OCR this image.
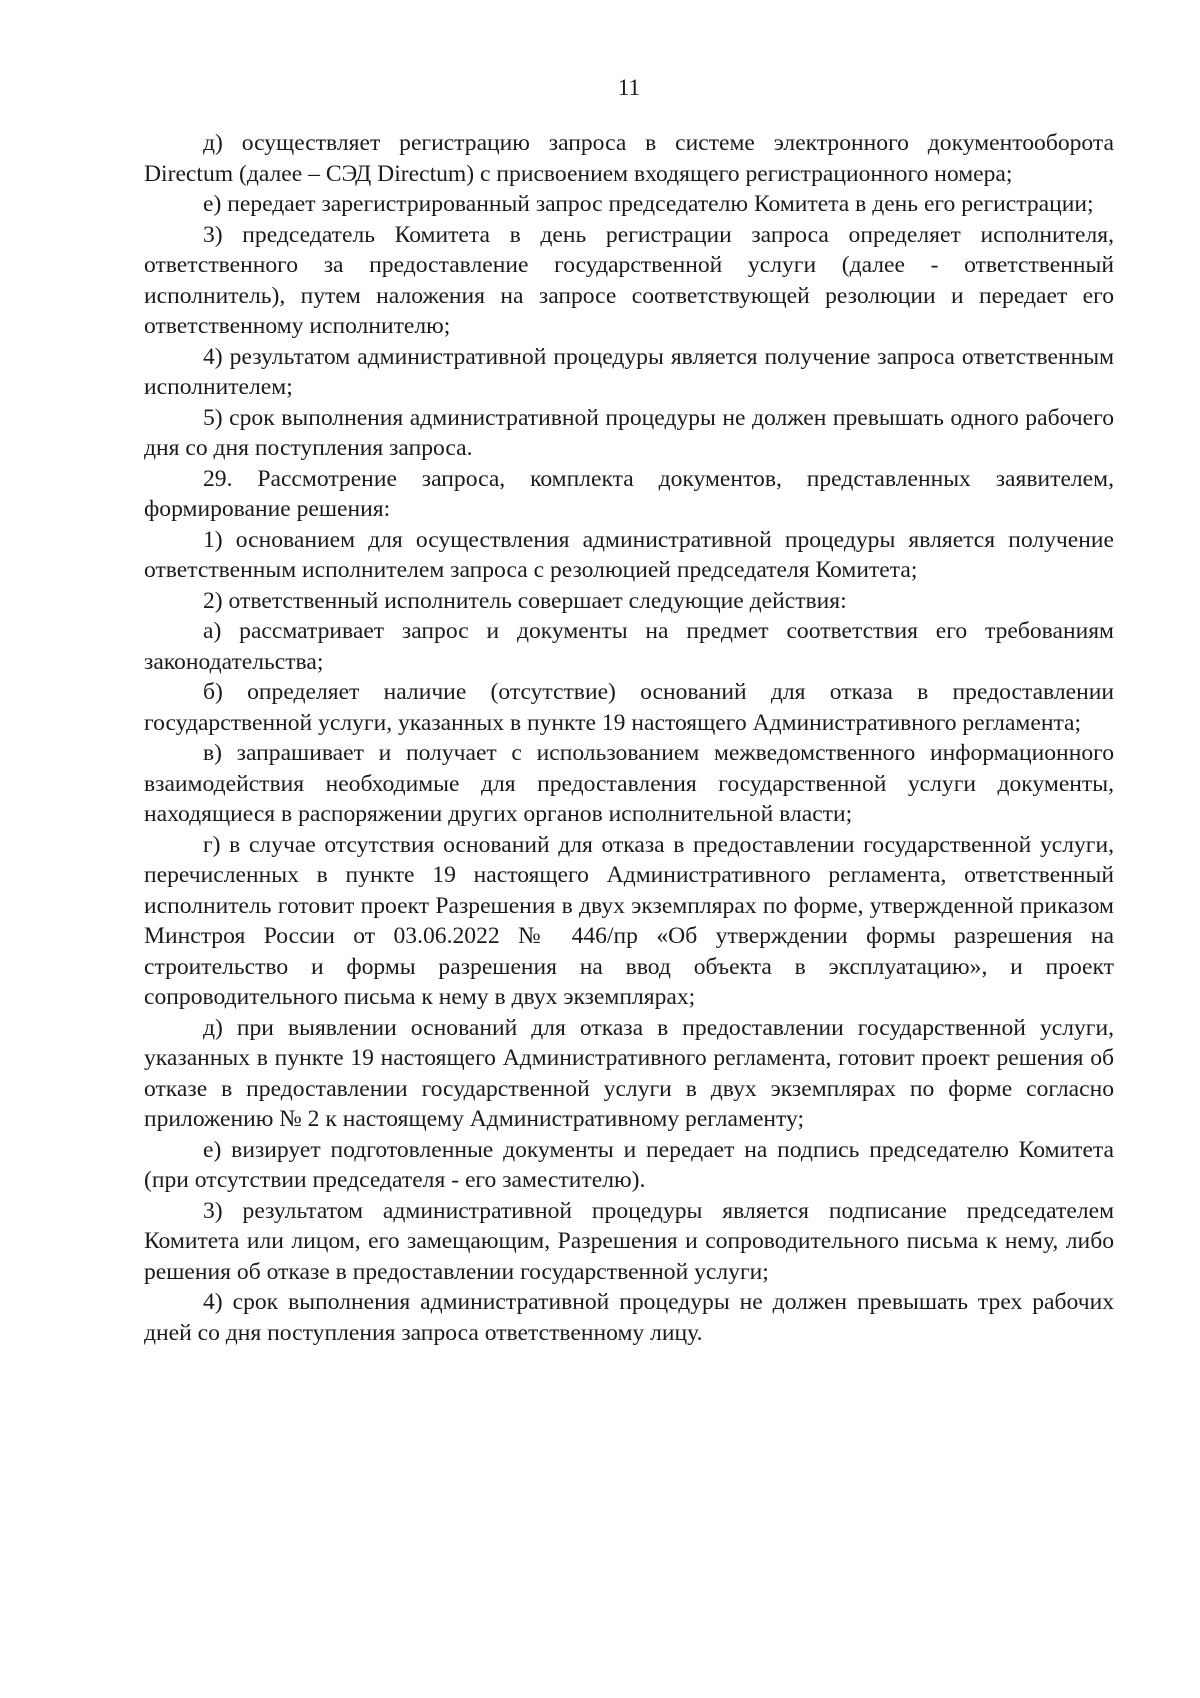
11

д) осуществляет регистрацию запроса в системе электронного документооборота Directum (далее – СЭД Directum) с присвоением входящего регистрационного номера;

е) передает зарегистрированный запрос председателю Комитета в день его регистрации;

3) председатель Комитета в день регистрации запроса определяет исполнителя, ответственного за предоставление государственной услуги (далее - ответственный исполнитель), путем наложения на запросе соответствующей резолюции и передает его ответственному исполнителю;

4) результатом административной процедуры является получение запроса ответственным исполнителем;

5) срок выполнения административной процедуры не должен превышать одного рабочего дня со дня поступления запроса.

29. Рассмотрение запроса, комплекта документов, представленных заявителем, формирование решения:

1) основанием для осуществления административной процедуры является получение ответственным исполнителем запроса с резолюцией председателя Комитета;

2) ответственный исполнитель совершает следующие действия:

а) рассматривает запрос и документы на предмет соответствия его требованиям законодательства;

б) определяет наличие (отсутствие) оснований для отказа в предоставлении государственной услуги, указанных в пункте 19 настоящего Административного регламента;

в) запрашивает и получает с использованием межведомственного информационного взаимодействия необходимые для предоставления государственной услуги документы, находящиеся в распоряжении других органов исполнительной власти;

г) в случае отсутствия оснований для отказа в предоставлении государственной услуги, перечисленных в пункте 19 настоящего Административного регламента, ответственный исполнитель готовит проект Разрешения в двух экземплярах по форме, утвержденной приказом Минстроя России от 03.06.2022 № 446/пр «Об утверждении формы разрешения на строительство и формы разрешения на ввод объекта в эксплуатацию», и проект сопроводительного письма к нему в двух экземплярах;

д) при выявлении оснований для отказа в предоставлении государственной услуги, указанных в пункте 19 настоящего Административного регламента, готовит проект решения об отказе в предоставлении государственной услуги в двух экземплярах по форме согласно приложению № 2 к настоящему Административному регламенту;

е) визирует подготовленные документы и передает на подпись председателю Комитета (при отсутствии председателя - его заместителю).

3) результатом административной процедуры является подписание председателем Комитета или лицом, его замещающим, Разрешения и сопроводительного письма к нему, либо решения об отказе в предоставлении государственной услуги;

4) срок выполнения административной процедуры не должен превышать трех рабочих дней со дня поступления запроса ответственному лицу.
